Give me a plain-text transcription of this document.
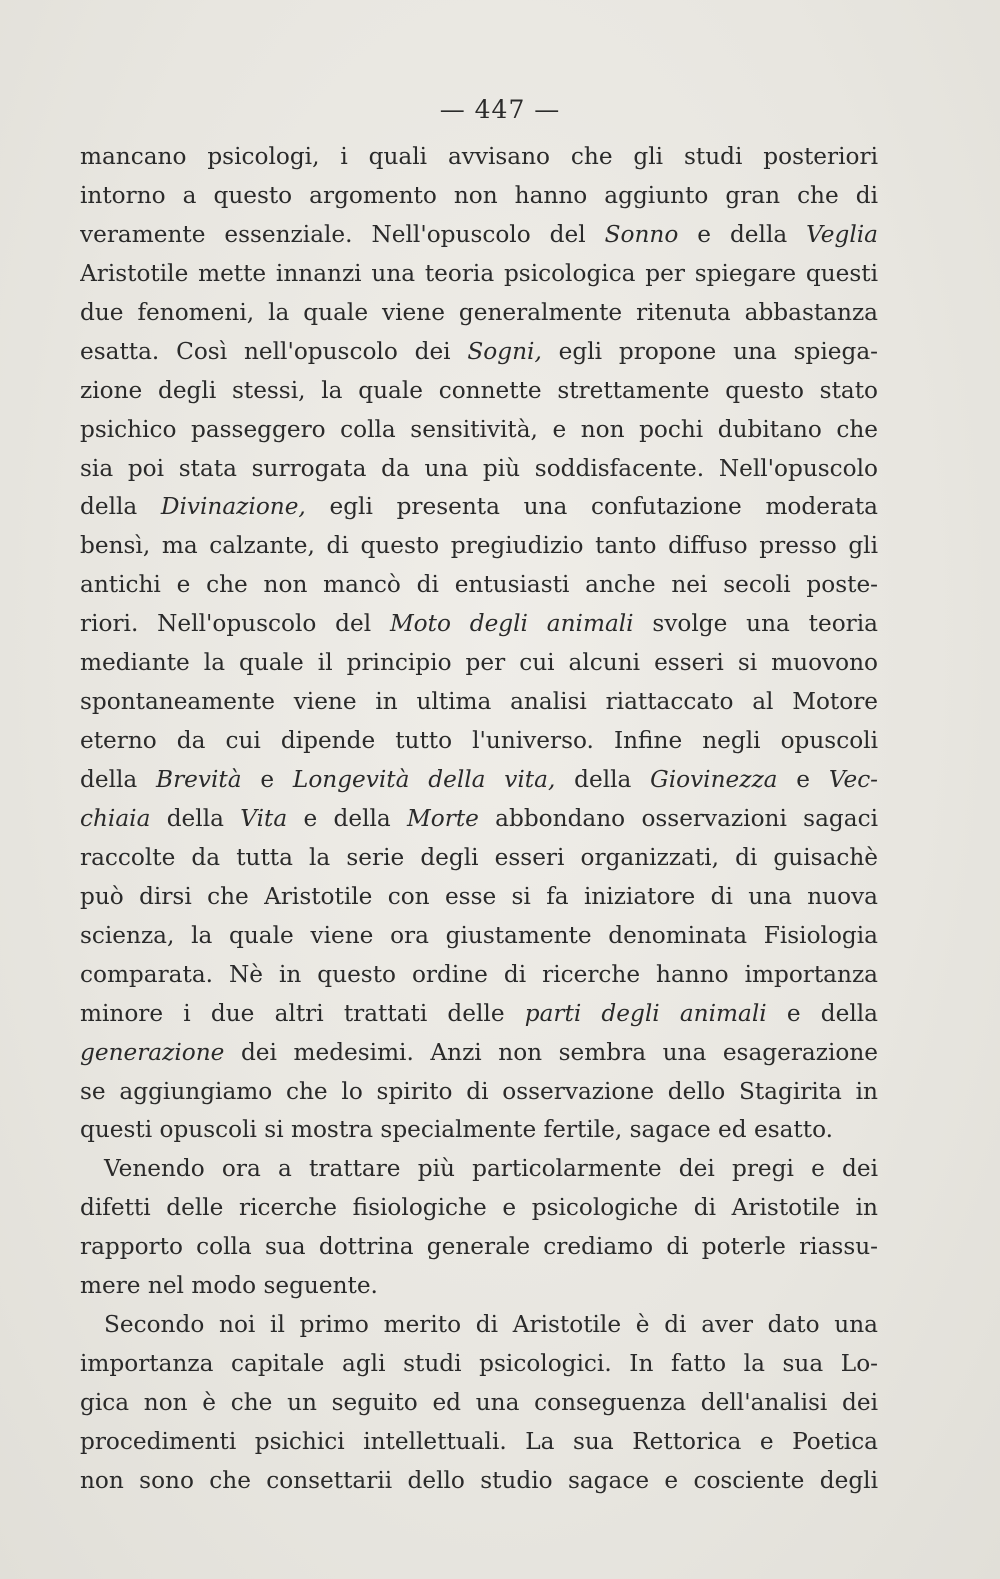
— 447 —
mancano psicologi, i quali avvisano che gli studi posteriori
intorno a questo argomento non hanno aggiunto gran che di
veramente essenziale. Nell'opuscolo del Sonno e della Veglia
Aristotile mette innanzi una teoria psicologica per spiegare questi
due fenomeni, la quale viene generalmente ritenuta abbastanza
esatta. Così nell'opuscolo dei Sogni, egli propone una spiega-
zione degli stessi, la quale connette strettamente questo stato
psichico passeggero colla sensitività, e non pochi dubitano che
sia poi stata surrogata da una più soddisfacente. Nell'opuscolo
della Divinazione, egli presenta una confutazione moderata
bensì, ma calzante, di questo pregiudizio tanto diffuso presso gli
antichi e che non mancò di entusiasti anche nei secoli poste-
riori. Nell'opuscolo del Moto degli animali svolge una teoria
mediante la quale il principio per cui alcuni esseri si muovono
spontaneamente viene in ultima analisi riattaccato al Motore
eterno da cui dipende tutto l'universo. Infine negli opuscoli
della Brevità e Longevità della vita, della Giovinezza e Vec-
chiaia della Vita e della Morte abbondano osservazioni sagaci
raccolte da tutta la serie degli esseri organizzati, di guisachè
può dirsi che Aristotile con esse si fa iniziatore di una nuova
scienza, la quale viene ora giustamente denominata Fisiologia
comparata. Nè in questo ordine di ricerche hanno importanza
minore i due altri trattati delle parti degli animali e della
generazione dei medesimi. Anzi non sembra una esagerazione
se aggiungiamo che lo spirito di osservazione dello Stagirita in
questi opuscoli si mostra specialmente fertile, sagace ed esatto.
Venendo ora a trattare più particolarmente dei pregi e dei
difetti delle ricerche fisiologiche e psicologiche di Aristotile in
rapporto colla sua dottrina generale crediamo di poterle riassu-
mere nel modo seguente.
Secondo noi il primo merito di Aristotile è di aver dato una
importanza capitale agli studi psicologici. In fatto la sua Lo-
gica non è che un seguito ed una conseguenza dell'analisi dei
procedimenti psichici intellettuali. La sua Rettorica e Poetica
non sono che consettarii dello studio sagace e cosciente degli
